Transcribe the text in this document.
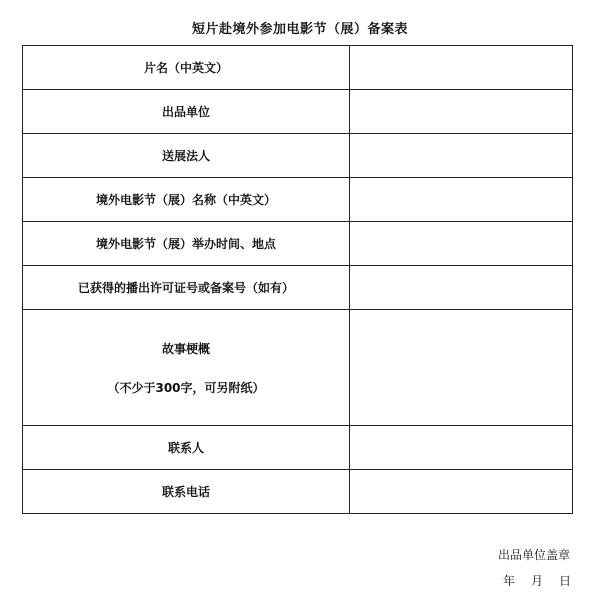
短片赴境外参加电影节（展）备案表
片名（中英文）	
出品单位	
送展法人	
境外电影节（展）名称（中英文）	
境外电影节（展）举办时间、地点	
已获得的播出许可证号或备案号（如有）	

故事梗概
（不少于300字，可另附纸）	

联系人	
联系电话	
出品单位盖章
年 月 日
